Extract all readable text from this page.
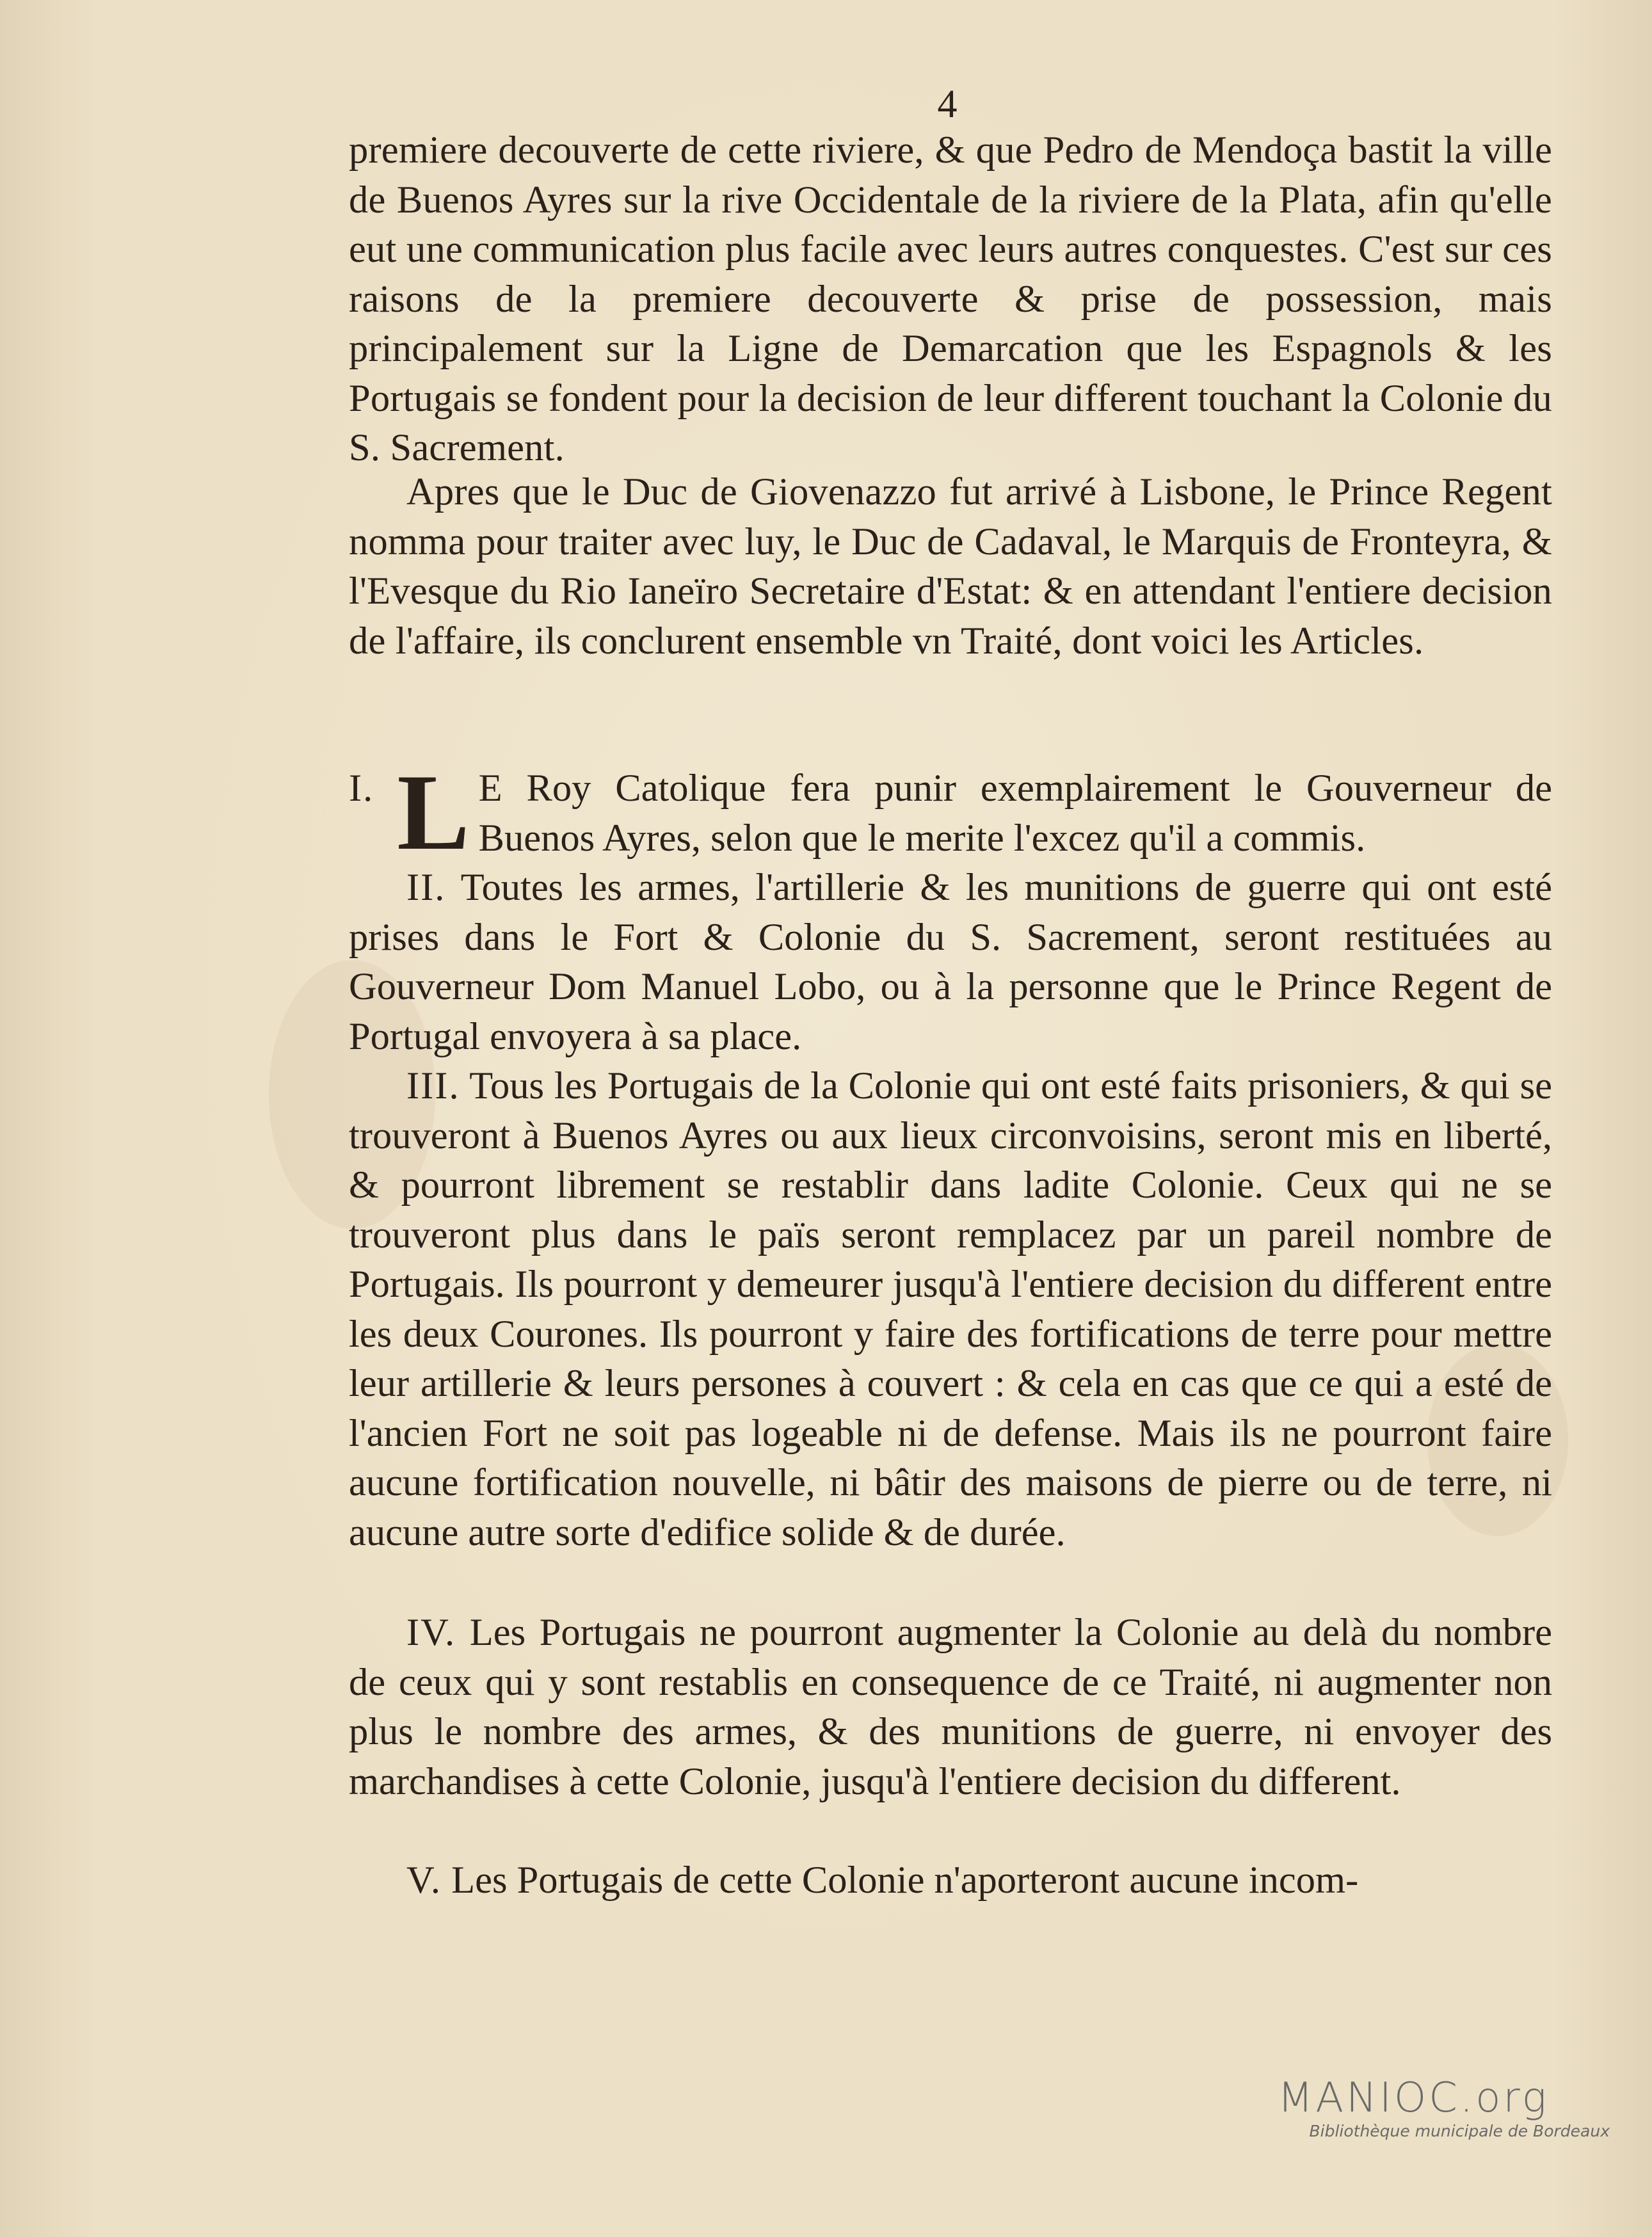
4
premiere decouverte de cette riviere, & que Pedro de Mendoça bastit la ville de Buenos Ayres sur la rive Occidentale de la riviere de la Plata, afin qu'elle eut une communication plus facile avec leurs autres conquestes. C'est sur ces raisons de la premiere decouverte & prise de possession, mais principalement sur la Ligne de Demarcation que les Espagnols & les Portugais se fondent pour la decision de leur different touchant la Colonie du S. Sacrement.
Apres que le Duc de Giovenazzo fut arrivé à Lisbone, le Prince Regent nomma pour traiter avec luy, le Duc de Cadaval, le Marquis de Fronteyra, & l'Evesque du Rio Ianeïro Secretaire d'Estat: & en attendant l'entiere decision de l'affaire, ils conclurent ensemble vn Traité, dont voici les Articles.
I. L E Roy Catolique fera punir exemplairement le Gouverneur de Buenos Ayres, selon que le merite l'excez qu'il a commis.
II. Toutes les armes, l'artillerie & les munitions de guerre qui ont esté prises dans le Fort & Colonie du S. Sacrement, seront restituées au Gouverneur Dom Manuel Lobo, ou à la personne que le Prince Regent de Portugal envoyera à sa place.
III. Tous les Portugais de la Colonie qui ont esté faits prisoniers, & qui se trouveront à Buenos Ayres ou aux lieux circonvoisins, seront mis en liberté, & pourront librement se restablir dans ladite Colonie. Ceux qui ne se trouveront plus dans le païs seront remplacez par un pareil nombre de Portugais. Ils pourront y demeurer jusqu'à l'entiere decision du different entre les deux Courones. Ils pourront y faire des fortifications de terre pour mettre leur artillerie & leurs persones à couvert : & cela en cas que ce qui a esté de l'ancien Fort ne soit pas logeable ni de defense. Mais ils ne pourront faire aucune fortification nouvelle, ni bâtir des maisons de pierre ou de terre, ni aucune autre sorte d'edifice solide & de durée.
IV. Les Portugais ne pourront augmenter la Colonie au delà du nombre de ceux qui y sont restablis en consequence de ce Traité, ni augmenter non plus le nombre des armes, & des munitions de guerre, ni envoyer des marchandises à cette Colonie, jusqu'à l'entiere decision du different.
V. Les Portugais de cette Colonie n'aporteront aucune incom-
MANIOC.org
Bibliothèque municipale de Bordeaux
